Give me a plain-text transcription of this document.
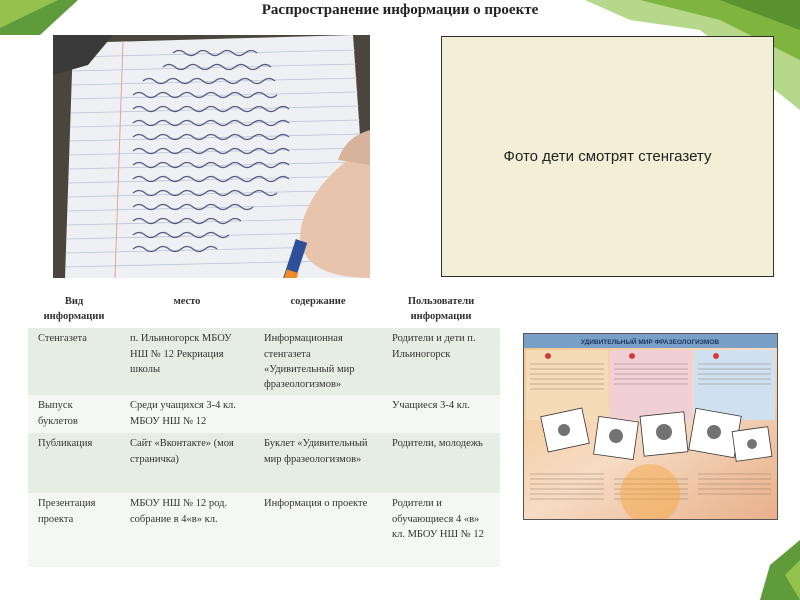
Распространение информации о проекте
Фото дети смотрят стенгазету
Вид информации	место	содержание	Пользователи информации
Стенгазета	п. Ильиногорск МБОУ НШ № 12 Рекриация школы	Информационная стенгазета «Удивительный мир фразеологизмов»	Родители и дети п. Ильиногорск
Выпуск буклетов	Среди учащихся 3-4 кл. МБОУ НШ № 12		Учащиеся 3-4 кл.
Публикация	Сайт «Вконтакте» (моя страничка)	Буклет «Удивительный мир фразеологизмов»	Родители, молодежь
Презентация проекта	МБОУ НШ № 12 род. собрание в 4«в» кл.	Информация о проекте	Родители и обучающиеся 4 «в» кл. МБОУ НШ № 12
УДИВИТЕЛЬНЫЙ МИР ФРАЗЕОЛОГИЗМОВ
